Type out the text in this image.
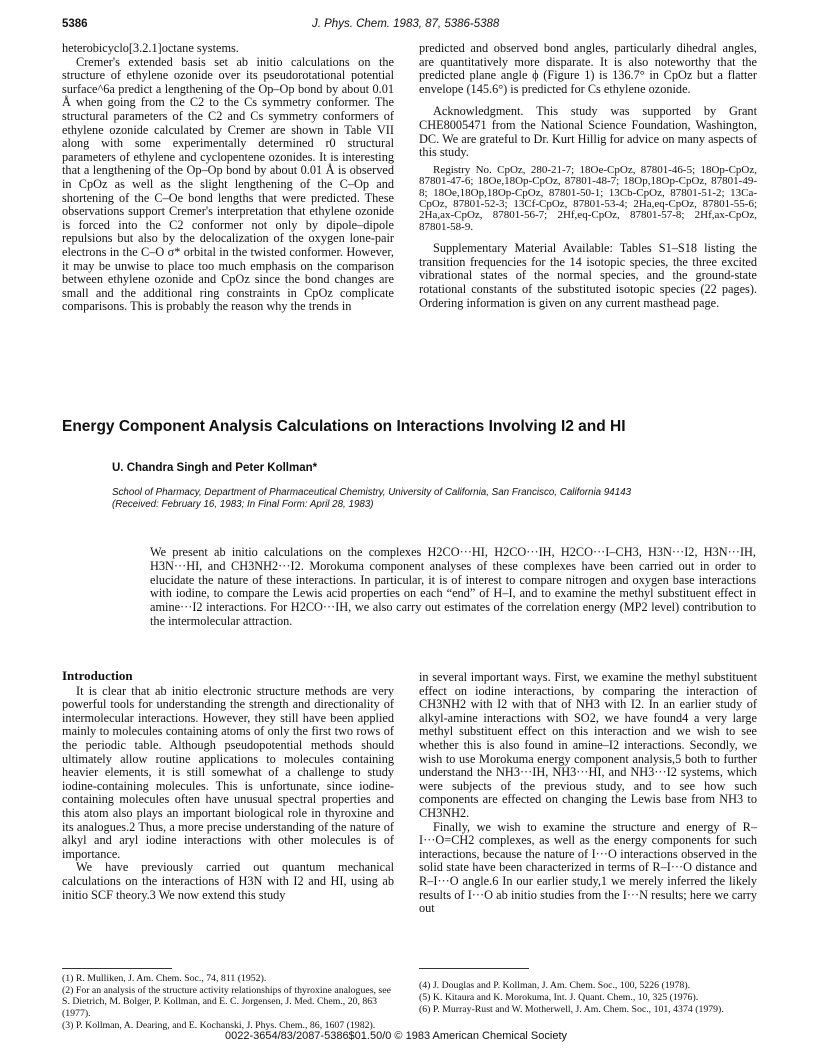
5386	J. Phys. Chem. 1983, 87, 5386-5388

heterobicyclo[3.2.1]octane systems.

Cremer's extended basis set ab initio calculations on the structure of ethylene ozonide over its pseudorotational potential surface^6a predict a lengthening of the Op–Op bond by about 0.01 Å when going from the C2 to the Cs symmetry conformer. The structural parameters of the C2 and Cs symmetry conformers of ethylene ozonide calculated by Cremer are shown in Table VII along with some experimentally determined r0 structural parameters of ethylene and cyclopentene ozonides. It is interesting that a lengthening of the Op–Op bond by about 0.01 Å is observed in CpOz as well as the slight lengthening of the C–Op and shortening of the C–Oe bond lengths that were predicted. These observations support Cremer's interpretation that ethylene ozonide is forced into the C2 conformer not only by dipole–dipole repulsions but also by the delocalization of the oxygen lone-pair electrons in the C–O σ* orbital in the twisted conformer. However, it may be unwise to place too much emphasis on the comparison between ethylene ozonide and CpOz since the bond changes are small and the additional ring constraints in CpOz complicate comparisons. This is probably the reason why the trends in

predicted and observed bond angles, particularly dihedral angles, are quantitatively more disparate. It is also noteworthy that the predicted plane angle ϕ (Figure 1) is 136.7° in CpOz but a flatter envelope (145.6°) is predicted for Cs ethylene ozonide.

Acknowledgment. This study was supported by Grant CHE8005471 from the National Science Foundation, Washington, DC. We are grateful to Dr. Kurt Hillig for advice on many aspects of this study.

Registry No. CpOz, 280-21-7; 18Oe-CpOz, 87801-46-5; 18Op-CpOz, 87801-47-6; 18Oe,18Op-CpOz, 87801-48-7; 18Op,18Op-CpOz, 87801-49-8; 18Oe,18Op,18Op-CpOz, 87801-50-1; 13Cb-CpOz, 87801-51-2; 13Ca-CpOz, 87801-52-3; 13Cf-CpOz, 87801-53-4; 2Ha,eq-CpOz, 87801-55-6; 2Ha,ax-CpOz, 87801-56-7; 2Hf,eq-CpOz, 87801-57-8; 2Hf,ax-CpOz, 87801-58-9.

Supplementary Material Available: Tables S1–S18 listing the transition frequencies for the 14 isotopic species, the three excited vibrational states of the normal species, and the ground-state rotational constants of the substituted isotopic species (22 pages). Ordering information is given on any current masthead page.

Energy Component Analysis Calculations on Interactions Involving I2 and HI
U. Chandra Singh and Peter Kollman*
School of Pharmacy, Department of Pharmaceutical Chemistry, University of California, San Francisco, California 94143
(Received: February 16, 1983; In Final Form: April 28, 1983)
We present ab initio calculations on the complexes H2CO···HI, H2CO···IH, H2CO···I–CH3, H3N···I2, H3N···IH, H3N···HI, and CH3NH2···I2. Morokuma component analyses of these complexes have been carried out in order to elucidate the nature of these interactions. In particular, it is of interest to compare nitrogen and oxygen base interactions with iodine, to compare the Lewis acid properties on each “end” of H–I, and to examine the methyl substituent effect in amine···I2 interactions. For H2CO···IH, we also carry out estimates of the correlation energy (MP2 level) contribution to the intermolecular attraction.
Introduction

It is clear that ab initio electronic structure methods are very powerful tools for understanding the strength and directionality of intermolecular interactions. However, they still have been applied mainly to molecules containing atoms of only the first two rows of the periodic table. Although pseudopotential methods should ultimately allow routine applications to molecules containing heavier elements, it is still somewhat of a challenge to study iodine-containing molecules. This is unfortunate, since iodine-containing molecules often have unusual spectral properties and this atom also plays an important biological role in thyroxine and its analogues.2 Thus, a more precise understanding of the nature of alkyl and aryl iodine interactions with other molecules is of importance.

We have previously carried out quantum mechanical calculations on the interactions of H3N with I2 and HI, using ab initio SCF theory.3 We now extend this study

in several important ways. First, we examine the methyl substituent effect on iodine interactions, by comparing the interaction of CH3NH2 with I2 with that of NH3 with I2. In an earlier study of alkyl-amine interactions with SO2, we have found4 a very large methyl substituent effect on this interaction and we wish to see whether this is also found in amine–I2 interactions. Secondly, we wish to use Morokuma energy component analysis,5 both to further understand the NH3···IH, NH3···HI, and NH3···I2 systems, which were subjects of the previous study, and to see how such components are effected on changing the Lewis base from NH3 to CH3NH2.

Finally, we wish to examine the structure and energy of R–I···O=CH2 complexes, as well as the energy components for such interactions, because the nature of I···O interactions observed in the solid state have been characterized in terms of R–I···O distance and R–I···O angle.6 In our earlier study,1 we merely inferred the likely results of I···O ab initio studies from the I···N results; here we carry out

(1) R. Mulliken, J. Am. Chem. Soc., 74, 811 (1952).

(2) For an analysis of the structure activity relationships of thyroxine analogues, see S. Dietrich, M. Bolger, P. Kollman, and E. C. Jorgensen, J. Med. Chem., 20, 863 (1977).

(3) P. Kollman, A. Dearing, and E. Kochanski, J. Phys. Chem., 86, 1607 (1982).

(4) J. Douglas and P. Kollman, J. Am. Chem. Soc., 100, 5226 (1978).

(5) K. Kitaura and K. Morokuma, Int. J. Quant. Chem., 10, 325 (1976).

(6) P. Murray-Rust and W. Motherwell, J. Am. Chem. Soc., 101, 4374 (1979).

0022-3654/83/2087-5386$01.50/0 © 1983 American Chemical Society
